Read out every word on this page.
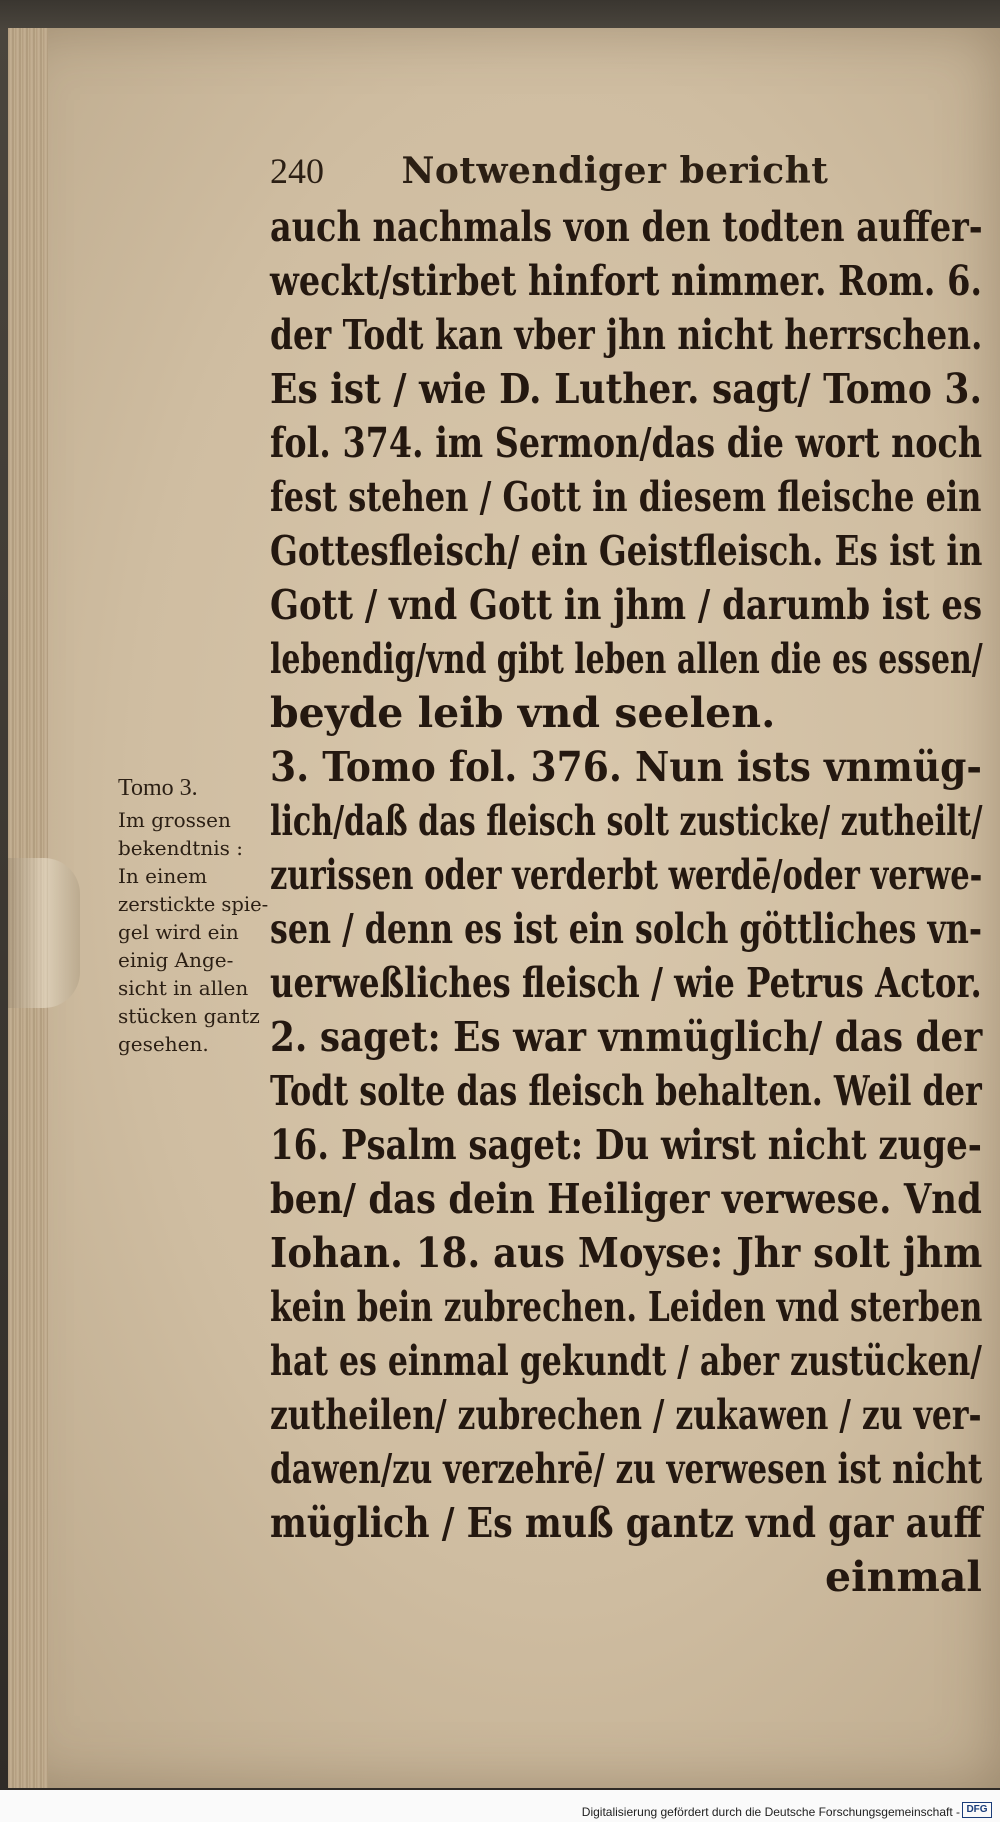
240 Notwendiger bericht
auch nachmals von den todten auffer-
weckt/stirbet hinfort nimmer. Rom. 6.
der Todt kan vber jhn nicht herrschen.
Es ist / wie D. Luther. sagt/ Tomo 3.
fol. 374. im Sermon/das die wort noch
fest stehen / Gott in diesem fleische ein
Gottesfleisch/ ein Geistfleisch. Es ist in
Gott / vnd Gott in jhm / darumb ist es
lebendig/vnd gibt leben allen die es essen/
beyde leib vnd seelen.
3. Tomo fol. 376. Nun ists vnmüg-
lich/daß das fleisch solt zusticke/ zutheilt/
zurissen oder verderbt werdē/oder verwe-
sen / denn es ist ein solch göttliches vn-
uerweßliches fleisch / wie Petrus Actor.
2. saget: Es war vnmüglich/ das der
Todt solte das fleisch behalten. Weil der
16. Psalm saget: Du wirst nicht zuge-
ben/ das dein Heiliger verwese. Vnd
Iohan. 18. aus Moyse: Jhr solt jhm
kein bein zubrechen. Leiden vnd sterben
hat es einmal gekundt / aber zustücken/
zutheilen/ zubrechen / zukawen / zu ver-
dawen/zu verzehrē/ zu verwesen ist nicht
müglich / Es muß gantz vnd gar auff
einmal
Tomo 3.
Im grossen
bekendtnis :
In einem
zerstickte spie-
gel wird ein
einig Ange-
sicht in allen
stücken gantz
gesehen.
Digitalisierung gefördert durch die Deutsche Forschungsgemeinschaft - DFG
